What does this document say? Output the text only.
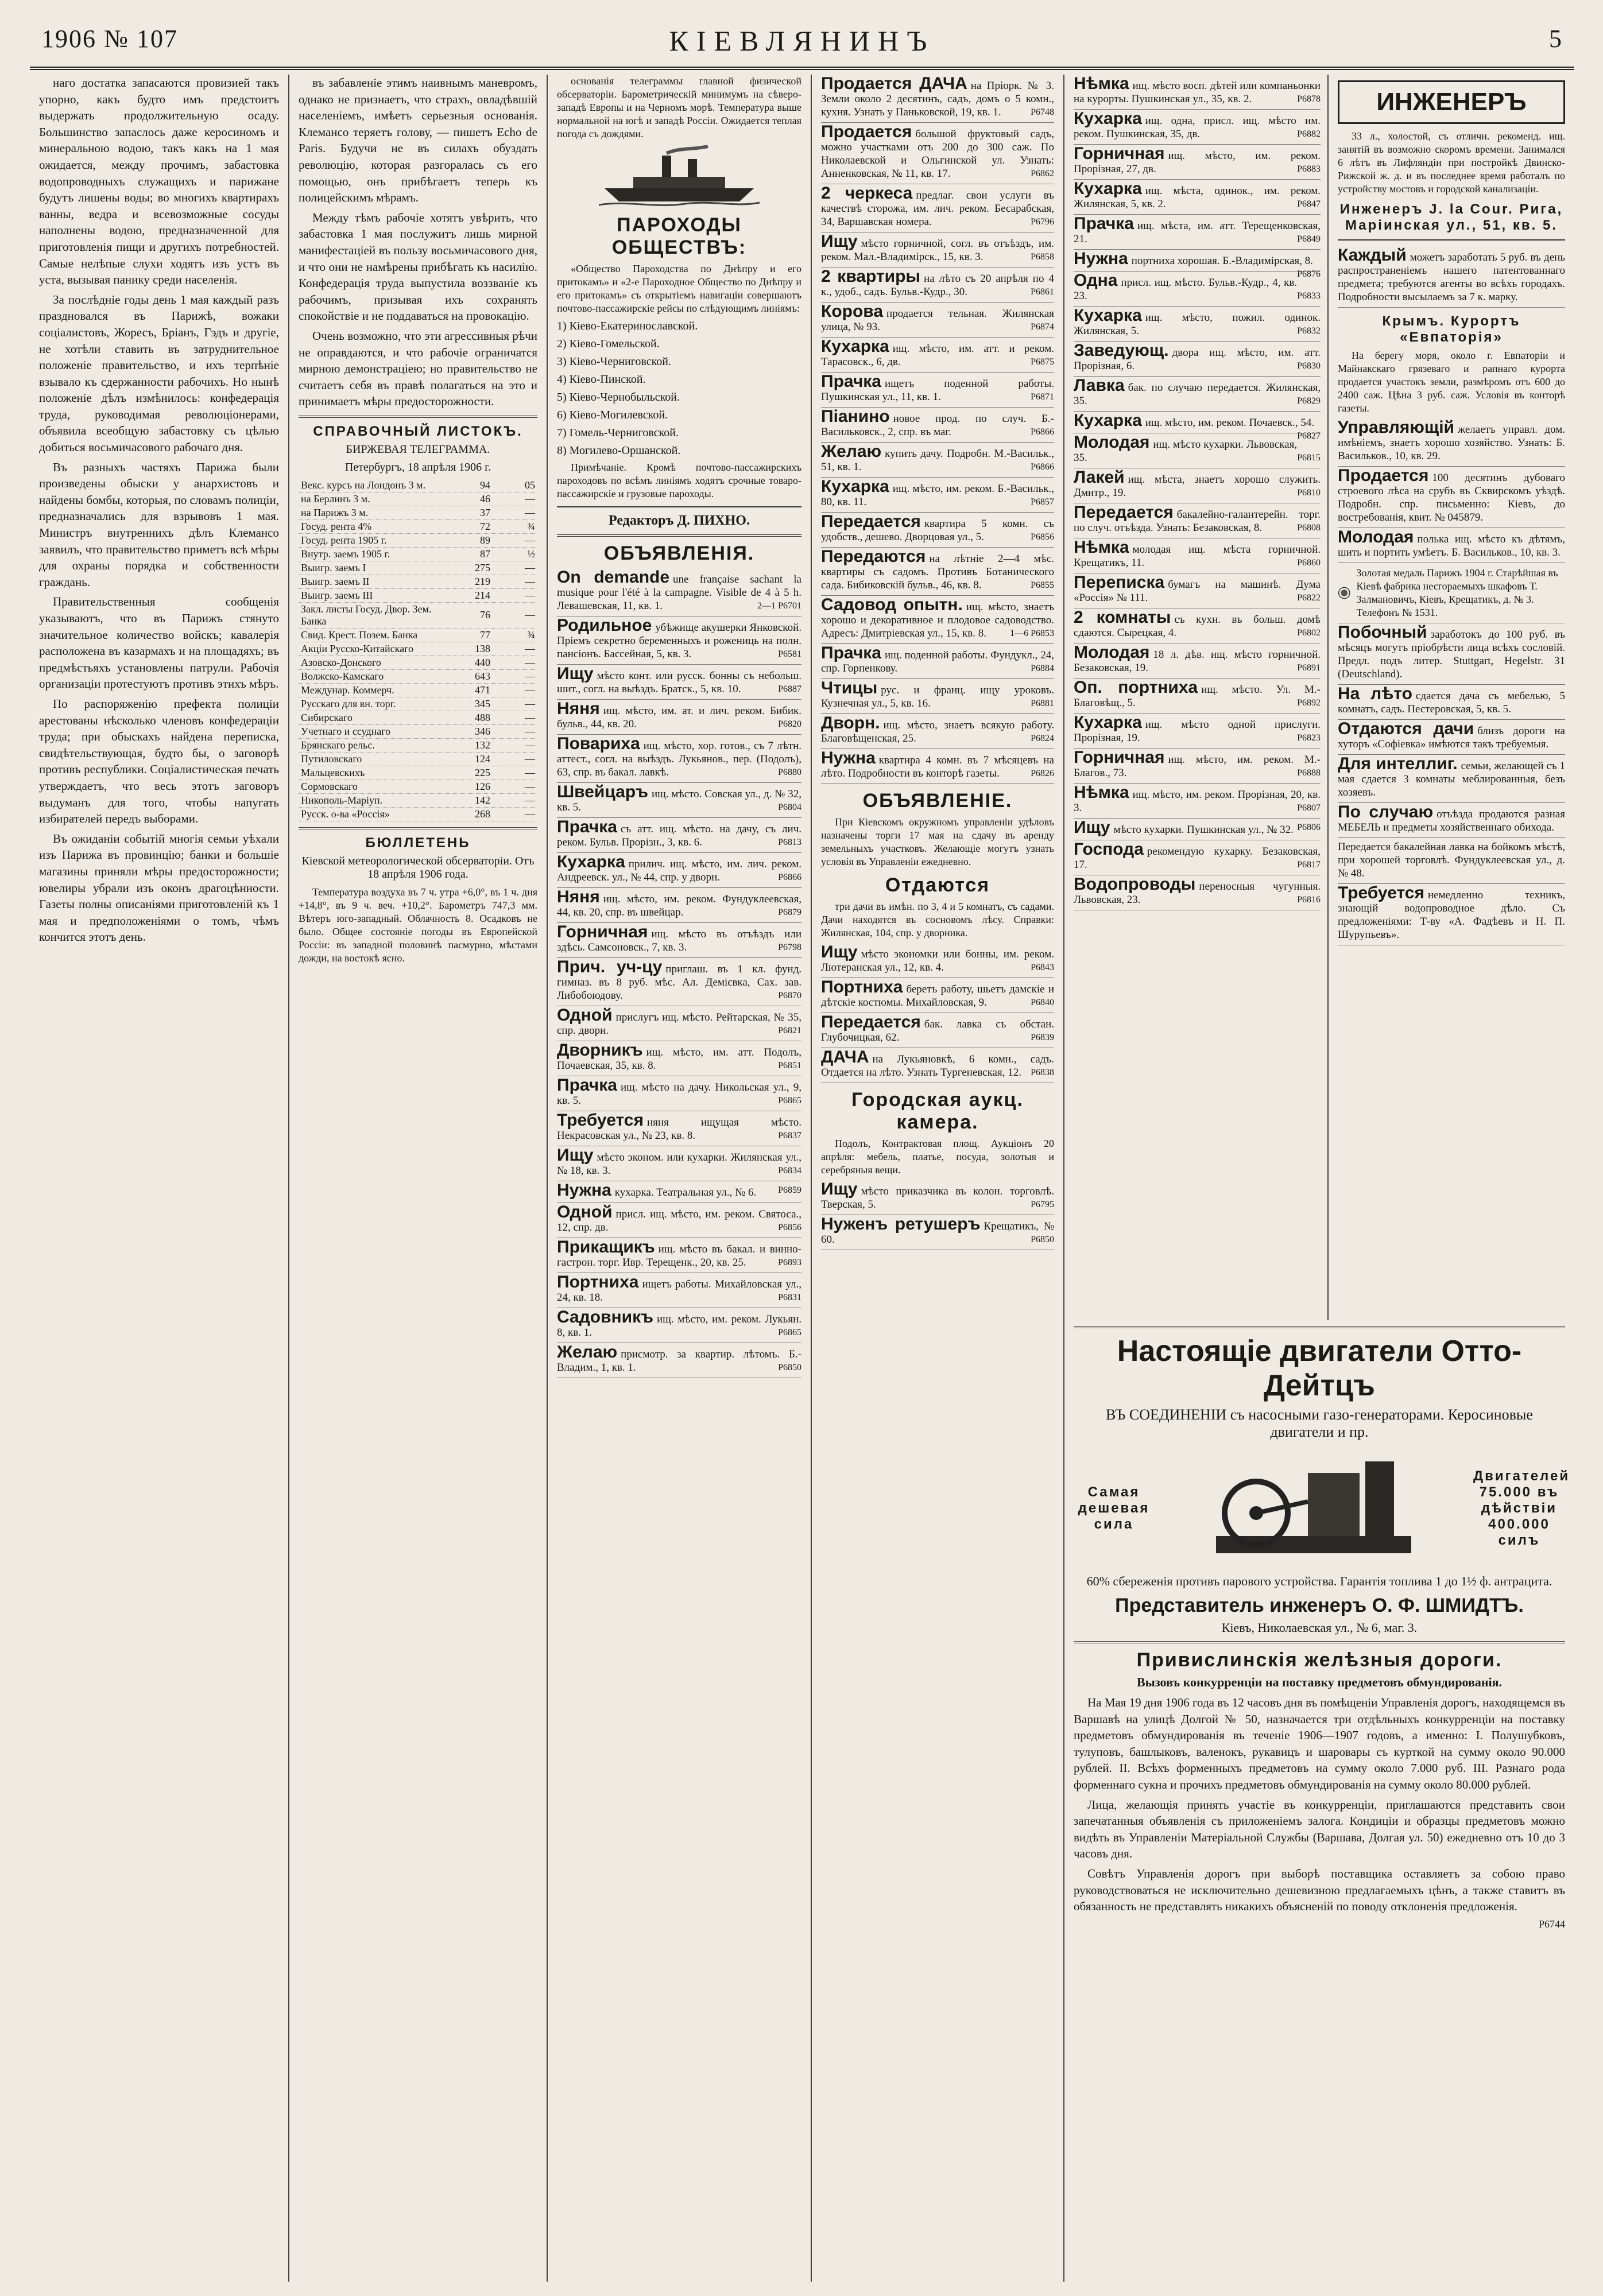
1906 № 107	КІЕВЛЯНИНЪ	5

наго достатка запасаются провизией такъ упорно, какъ будто имъ предстоитъ выдержать продолжительную осаду. Большинство запаслось даже керосиномъ и минеральною водою, такъ какъ на 1 мая ожидается, между прочимъ, забастовка водопроводныхъ служащихъ и парижане будутъ лишены воды; во многихъ квартирахъ ванны, ведра и всевозможные сосуды наполнены водою, предназначенной для приготовленія пищи и другихъ потребностей. Самые нелѣпые слухи ходятъ изъ устъ въ уста, вызывая панику среди населенія.

За послѣдніе годы день 1 мая каждый разъ праздновался въ Парижѣ, вожаки соціалистовъ, Жоресъ, Бріанъ, Гэдъ и другіе, не хотѣли ставить въ затруднительное положеніе правительство, и ихъ терпѣніе взывало къ сдержанности рабочихъ. Но нынѣ положеніе дѣлъ измѣнилось: конфедерація труда, руководимая революціонерами, объявила всеобщую забастовку съ цѣлью добиться восьмичасового рабочаго дня.

Въ разныхъ частяхъ Парижа были произведены обыски у анархистовъ и найдены бомбы, которыя, по словамъ полиціи, предназначались для взрывовъ 1 мая. Министръ внутреннихъ дѣлъ Клемансо заявилъ, что правительство приметъ всѣ мѣры для охраны порядка и собственности граждань.

Правительственныя сообщенія указываютъ, что въ Парижъ стянуто значительное количество войскъ; кавалерія расположена въ казармахъ и на площадяхъ; въ предмѣстьяхъ установлены патрули. Рабочія организаціи протестуютъ противъ этихъ мѣръ.

По распоряженію префекта полиціи арестованы нѣсколько членовъ конфедераціи труда; при обыскахъ найдена переписка, свидѣтельствующая, будто бы, о заговорѣ противъ республики. Соціалистическая печать утверждаетъ, что весь этотъ заговоръ выдуманъ для того, чтобы напугать избирателей передъ выборами.

Въ ожиданіи событій многія семьи уѣхали изъ Парижа въ провинцію; банки и большіе магазины приняли мѣры предосторожности; ювелиры убрали изъ оконъ драгоцѣнности. Газеты полны описаніями приготовленій къ 1 мая и предположеніями о томъ, чѣмъ кончится этотъ день.

въ забавленіе этимъ наивнымъ маневромъ, однако не признаетъ, что страхъ, овладѣвшій населеніемъ, имѣетъ серьезныя основанія. Клемансо теряетъ голову, — пишетъ Echo de Paris. Будучи не въ силахъ обуздать революцію, которая разгоралась съ его помощью, онъ прибѣгаетъ теперь къ полицейскимъ мѣрамъ.

Между тѣмъ рабочіе хотятъ увѣрить, что забастовка 1 мая послужитъ лишь мирной манифестаціей въ пользу восьмичасового дня, и что они не намѣрены прибѣгать къ насилію. Конфедерація труда выпустила воззваніе къ рабочимъ, призывая ихъ сохранять спокойствіе и не поддаваться на провокацію.

Очень возможно, что эти агрессивныя рѣчи не оправдаются, и что рабочіе ограничатся мирною демонстраціею; но правительство не считаетъ себя въ правѣ полагаться на это и принимаетъ мѣры предосторожности.

СПРАВОЧНЫЙ ЛИСТОКЪ.
БИРЖЕВАЯ ТЕЛЕГРАММА.
Петербургъ, 18 апрѣля 1906 г.
Векс. курсъ на Лондонъ 3 м.	94	05
на Берлинъ 3 м.	46	—
на Парижъ 3 м.	37	—
Госуд. рента 4%	72	¾
Госуд. рента 1905 г.	89	—
Внутр. заемъ 1905 г.	87	½
Выигр. заемъ I	275	—
Выигр. заемъ II	219	—
Выигр. заемъ III	214	—
Закл. листы Госуд. Двор. Зем. Банка	76	—
Свид. Крест. Позем. Банка	77	¾
Акціи Русско-Китайскаго	138	—
Азовско-Донского	440	—
Волжско-Камскаго	643	—
Междунар. Коммерч.	471	—
Русскаго для вн. торг.	345	—
Сибирскаго	488	—
Учетнаго и ссуднаго	346	—
Брянскаго рельс.	132	—
Путиловскаго	124	—
Мальцевскихъ	225	—
Сормовскаго	126	—
Никополь-Маріуп.	142	—
Русск. о-ва «Россія»	268	—
БЮЛЛЕТЕНЬ
Кіевской метеорологической обсерваторіи. Отъ 18 апрѣля 1906 года.

Температура воздуха въ 7 ч. утра +6,0°, въ 1 ч. дня +14,8°, въ 9 ч. веч. +10,2°. Барометръ 747,3 мм. Вѣтеръ юго-западный. Облачность 8. Осадковъ не было. Общее состояніе погоды въ Европейской Россіи: въ западной половинѣ пасмурно, мѣстами дожди, на востокѣ ясно.

основанія телеграммы главной физической обсерваторіи. Барометрическій минимумъ на сѣверо-западѣ Европы и на Черномъ морѣ. Температура выше нормальной на югѣ и западѣ Россіи. Ожидается теплая погода съ дождями.

ПАРОХОДЫ ОБЩЕСТВЪ:

«Общество Пароходства по Днѣпру и его притокамъ» и «2-е Пароходное Общество по Днѣпру и его притокамъ» съ открытіемъ навигаціи совершаютъ почтово-пассажирскіе рейсы по слѣдующимъ линіямъ:

1) Кіево-Екатеринославской.
2) Кіево-Гомельской.
3) Кіево-Черниговской.
4) Кіево-Пинской.
5) Кіево-Чернобыльской.
6) Кіево-Могилевской.
7) Гомель-Черниговской.
8) Могилево-Оршанской.

Примѣчаніе. Кромѣ почтово-пассажирскихъ пароходовъ по всѣмъ линіямъ ходятъ срочные товаро-пассажирскіе и грузовые пароходы.

Редакторъ Д. ПИХНО.
ОБЪЯВЛЕНІЯ.
On demande une française sachant la musique pour l'été à la campagne. Visible de 4 à 5 h. Левашевская, 11, кв. 1.	2—1 P6701
Родильное убѣжище акушерки Янковской. Пріемъ секретно беременныхъ и рожениць на полн. пансіонъ. Бассейная, 5, кв. 3.	P6581
Ищу мѣсто конт. или русск. бонны съ небольш. шит., согл. на выѣздъ. Братск., 5, кв. 10.	P6887
Няня ищ. мѣсто, им. ат. и лич. реком. Бибик. бульв., 44, кв. 20.	P6820
Повариха ищ. мѣсто, хор. готов., съ 7 лѣтн. аттест., согл. на выѣздъ. Лукьянов., пер. (Подолъ), 63, спр. въ бакал. лавкѣ.	P6880
Швейцаръ ищ. мѣсто. Совская ул., д. № 32, кв. 5.	P6804
Прачка съ атт. ищ. мѣсто. на дачу, съ лич. реком. Бульв. Прорізн., 3, кв. 6.	P6813
Кухарка прилич. ищ. мѣсто, им. лич. реком. Андреевск. ул., № 44, спр. у дворн.	P6866
Няня ищ. мѣсто, им. реком. Фундуклеевская, 44, кв. 20, спр. въ швейцар.	P6879
Горничная ищ. мѣсто въ отъѣздъ или здѣсь. Самсоновск., 7, кв. 3.	P6798
Прич. уч-цу приглаш. въ 1 кл. фунд. гимназ. въ 8 руб. мѣс. Ал. Демієвка, Сах. зав. Либобоюдову.	P6870
Одной прислугъ ищ. мѣсто. Рейтарская, № 35, спр. двори.	P6821
Дворникъ ищ. мѣсто, им. атт. Подолъ, Почаевская, 35, кв. 8.	P6851
Прачка ищ. мѣсто на дачу. Никольская ул., 9, кв. 5.	P6865
Требуется няня ищущая мѣсто. Некрасовская ул., № 23, кв. 8.	P6837
Ищу мѣсто эконом. или кухарки. Жилянская ул., № 18, кв. 3.	P6834
Нужна кухарка. Театральная ул., № 6. P6859
Одной присл. ищ. мѣсто, им. реком. Святоса., 12, спр. дв.	P6856
Прикащикъ ищ. мѣсто въ бакал. и винно-гастрон. торг. Ивр. Терещенк., 20, кв. 25.	P6893
Портниха ищетъ работы. Михайловская ул., 24, кв. 18.	P6831
Садовникъ ищ. мѣсто, им. реком. Лукьян. 8, кв. 1.	P6865
Желаю присмотр. за квартир. лѣтомъ. Б.-Владим., 1, кв. 1.	P6850
Продается ДАЧА на Пріорк. № 3. Земли около 2 десятинъ, садъ, домъ о 5 комн., кухня. Узнать у Паньковской, 19, кв. 1.	P6748
Продается большой фруктовый садъ, можно участками отъ 200 до 300 саж. По Николаевской и Ольгинской ул. Узнать: Анненковская, № 11, кв. 17.	P6862
2 черкеса предлаг. свои услуги въ качествѣ сторожа, им. лич. реком. Бесарабская, 34, Варшавская номера.	P6796
Ищу мѣсто горничной, согл. въ отъѣздъ, им. реком. Мал.-Владимірск., 15, кв. 3.	P6858
2 квартиры на лѣто съ 20 апрѣля по 4 к., удоб., садъ. Бульв.-Кудр., 30.	P6861
Корова продается тельная. Жилянская улица, № 93.	P6874
Кухарка ищ. мѣсто, им. атт. и реком. Тарасовск., 6, дв.	P6875
Прачка ищетъ поденной работы. Пушкинская ул., 11, кв. 1.	P6871
Піанино новое прод. по случ. Б.-Васильковск., 2, спр. въ маг.	P6866
Желаю купить дачу. Подробн. М.-Васильк., 51, кв. 1.	P6866
Кухарка ищ. мѣсто, им. реком. Б.-Васильк., 80, кв. 11.	P6857
Передается квартира 5 комн. съ удобств., дешево. Дворцовая ул., 5.	P6856
Передаются на лѣтніе 2—4 мѣс. квартиры съ садомъ. Противъ Ботанического сада. Бибиковскій бульв., 46, кв. 8.	P6855
Садовод опытн. ищ. мѣсто, знаетъ хорошо и декоративное и плодовое садоводство. Адресъ: Дмитріевская ул., 15, кв. 8.	1—6 P6853
Прачка ищ. поденной работы. Фундукл., 24, спр. Горпенкову.	P6884
Чтицы рус. и франц. ищу уроковъ. Кузнечная ул., 5, кв. 16.	P6881
Дворн. ищ. мѣсто, знаетъ всякую работу. Благовѣщенская, 25.	P6824
Нужна квартира 4 комн. въ 7 мѣсяцевъ на лѣто. Подробности въ конторѣ газеты.	P6826
ОБЪЯВЛЕНІЕ.

При Кіевскомъ окружномъ управленіи удѣловъ назначены торги 17 мая на сдачу въ аренду земельныхъ участковъ. Желающіе могутъ узнать условія въ Управленіи ежедневно.

Отдаются

три дачи въ имѣн. по 3, 4 и 5 комнатъ, съ садами. Дачи находятся въ сосновомъ лѣсу. Справки: Жилянская, 104, спр. у дворника.

Ищу мѣсто экономки или бонны, им. реком. Лютеранская ул., 12, кв. 4.	P6843
Портниха беретъ работу, шьетъ дамскіе и дѣтскіе костюмы. Михайловская, 9.	P6840
Передается бак. лавка съ обстан. Глубочицкая, 62.	P6839
ДАЧА на Лукьяновкѣ, 6 комн., садъ. Отдается на лѣто. Узнать Тургеневская, 12. P6838
Городская аукц. камера.

Подолъ, Контрактовая площ. Аукціонъ 20 апрѣля: мебель, платье, посуда, золотыя и серебряныя вещи.

Ищу мѣсто приказчика въ колон. торговлѣ. Тверская, 5.	P6795
Нуженъ ретушеръ Крещатикъ, № 60.	P6850
Нѣмка ищ. мѣсто восп. дѣтей или компаньонки на курорты. Пушкинская ул., 35, кв. 2.	P6878
Кухарка ищ. одна, присл. ищ. мѣсто им. реком. Пушкинская, 35, дв.	P6882
Горничная ищ. мѣсто, им. реком. Прорізная, 27, дв.	P6883
Кухарка ищ. мѣста, одинок., им. реком. Жилянская, 5, кв. 2.	P6847
Прачка ищ. мѣста, им. атт. Терещенковская, 21.	P6849
Нужна портниха хорошая. Б.-Владимірская, 8.
P6876
Одна присл. ищ. мѣсто. Бульв.-Кудр., 4, кв. 23.	P6833
Кухарка ищ. мѣсто, пожил. одинок. Жилянская, 5.	P6832
Заведующ. двора ищ. мѣсто, им. атт. Прорізная, 6.	P6830
Лавка бак. по случаю передается. Жилянская, 35.	P6829
Кухарка ищ. мѣсто, им. реком. Почаевск., 54.
P6827
Молодая ищ. мѣсто кухарки. Львовская, 35.	P6815
Лакей ищ. мѣста, знаетъ хорошо служить. Дмитр., 19.	P6810
Передается бакалейно-галантерейн. торг. по случ. отъѣзда. Узнать: Безаковская, 8.	P6808
Нѣмка молодая ищ. мѣста горничной. Крещатикъ, 11.	P6860
Переписка бумагъ на машинѣ. Дума «Россія» № 111.	P6822
2 комнаты съ кухн. въ больш. домѣ сдаются. Сырецкая, 4.	P6802
Молодая 18 л. дѣв. ищ. мѣсто горничной. Безаковская, 19.	P6891
Оп. портниха ищ. мѣсто. Ул. М.-Благовѣщ., 5.	P6892
Кухарка ищ. мѣсто одной прислуги. Прорізная, 19.	P6823
Горничная ищ. мѣсто, им. реком. М.-Благов., 73.	P6888
Нѣмка ищ. мѣсто, им. реком. Прорізная, 20, кв. 3.	P6807
Ищу мѣсто кухарки. Пушкинская ул., № 32. P6806
Господа рекомендую кухарку. Безаковская, 17.	P6817
Водопроводы переносныя чугунныя. Львовская, 23.	P6816
ИНЖЕНЕРЪ

33 л., холостой, съ отличн. рекоменд. ищ. занятій въ возможно скоромъ времени. Занимался 6 лѣтъ въ Лифляндіи при постройкѣ Двинско-Рижской ж. д. и въ последнее время работалъ по устройству мостовъ и городской канализаціи.

Инженеръ J. la Cour. Рига, Маріинская ул., 51, кв. 5.
Каждый можетъ заработать 5 руб. въ день распространеніемъ нашего патентованнаго предмета; требуются агенты во всѣхъ городахъ. Подробности высылаемъ за 7 к. марку.
Крымъ. Курортъ «Евпаторія»

На берегу моря, около г. Евпаторіи и Майнакскаго грязеваго и рапнаго курорта продается участокъ земли, размѣромъ отъ 600 до 2400 саж. Цѣна 3 руб. саж. Условія въ конторѣ газеты.

Управляющій желаетъ управл. дом. имѣніемъ, знаетъ хорошо хозяйство. Узнать: Б. Васильков., 10, кв. 29.
Продается 100 десятинъ дубоваго строевого лѣса на срубъ въ Сквирскомъ уѣздѣ. Подробн. спр. письменно: Кіевъ, до востребованія, квит. № 045879.
Молодая полька ищ. мѣсто къ дѣтямъ, шить и портить умѣетъ. Б. Васильков., 10, кв. 3.
Золотая медаль Парижъ 1904 г. Старѣйшая въ Кіевѣ фабрика несгораемыхъ шкафовъ Т. Залмановичъ, Кіевъ, Крещатикъ, д. № 3. Телефонъ № 1531.
Побочный заработокъ до 100 руб. въ мѣсяцъ могутъ пріобрѣсти лица всѣхъ сословій. Предл. подъ литер. Stuttgart, Hegelstr. 31 (Deutschland).
На лѣто сдается дача съ мебелью, 5 комнатъ, садъ. Пестеровская, 5, кв. 5.
Отдаются дачи близъ дороги на хуторъ «Софіевка» имѣются такъ требуемыя.
Для интеллиг. семьи, желающей съ 1 мая сдается 3 комнаты меблированныя, безъ хозяевъ.
По случаю отъѣзда продаются разная МЕБЕЛЬ и предметы хозяйственнаго обихода.
Передается бакалейная лавка на бойкомъ мѣстѣ, при хорошей торговлѣ. Фундуклеевская ул., д. № 48.
Требуется немедленно техникъ, знающій водопроводное дѣло. Съ предложеніями: Т-ву «А. Фадѣевъ и Н. П. Шурупьевъ».
Настоящіе двигатели Отто-Дейтцъ
ВЪ СОЕДИНЕНІИ съ насосными газо-генераторами. Керосиновые двигатели и пр.
Самая дешевая сила
Двигателей 75.000 въ дѣйствіи 400.000 силъ
60% сбереженія противъ парового устройства. Гарантія топлива 1 до 1½ ф. антрацита.
Представитель инженеръ О. Ф. ШМИДТЪ.
Кіевъ, Николаевская ул., № 6, маг. 3.
Привислинскія желѣзныя дороги.
Вызовъ конкурренціи на поставку предметовъ обмундированія.

На Мая 19 дня 1906 года въ 12 часовъ дня въ помѣщеніи Управленія дорогъ, находящемся въ Варшавѣ на улицѣ Долгой № 50, назначается три отдѣльныхъ конкурренціи на поставку предметовъ обмундированія въ теченіе 1906—1907 годовъ, а именно: I. Полушубковъ, тулуповъ, башлыковъ, валенокъ, рукавицъ и шаровары съ курткой на сумму около 90.000 рублей. II. Всѣхъ форменныхъ предметовъ на сумму около 7.000 руб. III. Разнаго рода форменнаго сукна и прочихъ предметовъ обмундированія на сумму около 80.000 рублей.

Лица, желающія принять участіе въ конкурренціи, приглашаются представить свои запечатанныя объявленія съ приложеніемъ залога. Кондиціи и образцы предметовъ можно видѣть въ Управленіи Матеріальной Службы (Варшава, Долгая ул. 50) ежедневно отъ 10 до 3 часовъ дня.

Совѣтъ Управленія дорогъ при выборѣ поставщика оставляетъ за собою право руководствоваться не исключительно дешевизною предлагаемыхъ цѣнъ, а также ставитъ въ обязанность не представлять никакихъ объясненій по поводу отклоненія предложенія.

P6744
